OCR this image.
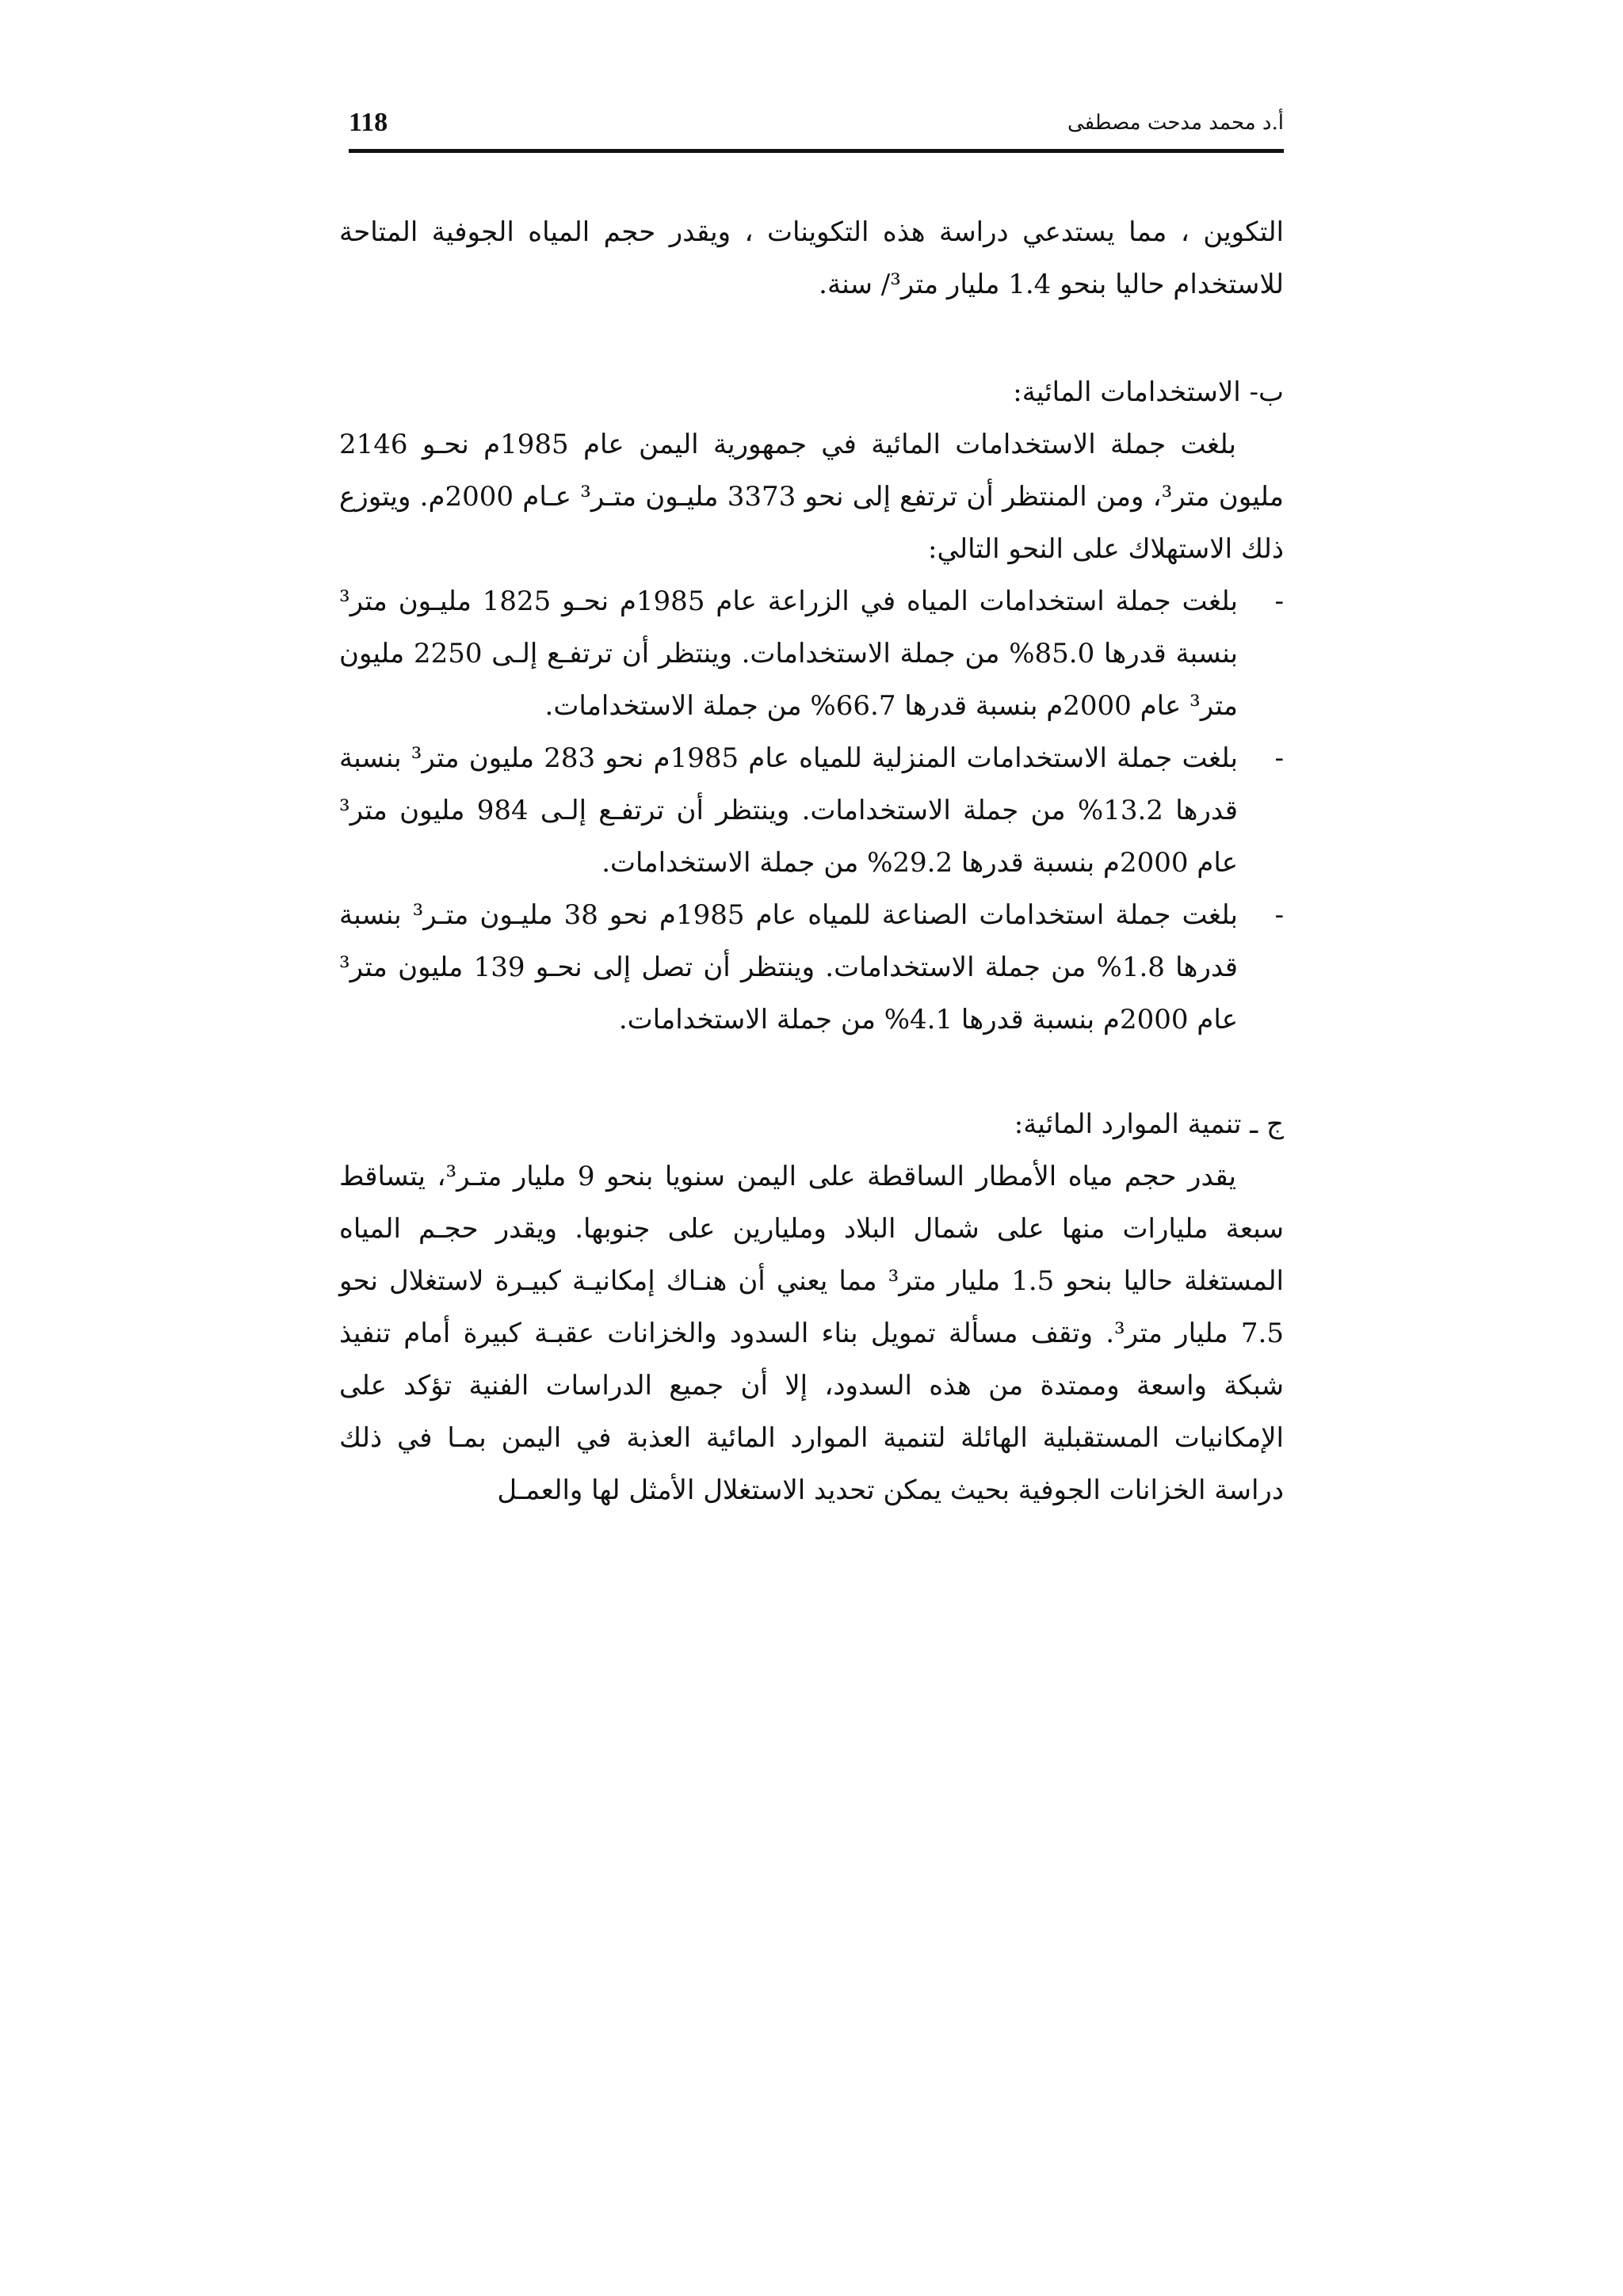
118	أ.د محمد مدحت مصطفى

التكوين ، مما يستدعي دراسة هذه التكوينات ، ويقدر حجم المياه الجوفية المتاحة للاستخدام حاليا بنحو 1.4 مليار متر³/ سنة.

ب- الاستخدامات المائية:

بلغت جملة الاستخدامات المائية في جمهورية اليمن عام 1985م نحـو 2146 مليون متر³، ومن المنتظر أن ترتفع إلى نحو 3373 مليـون متـر³ عـام 2000م. ويتوزع ذلك الاستهلاك على النحو التالي:

- بلغت جملة استخدامات المياه في الزراعة عام 1985م نحـو 1825 مليـون متر³ بنسبة قدرها 85.0% من جملة الاستخدامات. وينتظر أن ترتفـع إلـى 2250 مليون متر³ عام 2000م بنسبة قدرها 66.7% من جملة الاستخدامات.
- بلغت جملة الاستخدامات المنزلية للمياه عام 1985م نحو 283 مليون متر³ بنسبة قدرها 13.2% من جملة الاستخدامات. وينتظر أن ترتفـع إلـى 984 مليون متر³ عام 2000م بنسبة قدرها 29.2% من جملة الاستخدامات.
- بلغت جملة استخدامات الصناعة للمياه عام 1985م نحو 38 مليـون متـر³ بنسبة قدرها 1.8% من جملة الاستخدامات. وينتظر أن تصل إلى نحـو 139 مليون متر³ عام 2000م بنسبة قدرها 4.1% من جملة الاستخدامات.

ج ـ تنمية الموارد المائية:

يقدر حجم مياه الأمطار الساقطة على اليمن سنويا بنحو 9 مليار متـر³، يتساقط سبعة مليارات منها على شمال البلاد ومليارين على جنوبها. ويقدر حجـم المياه المستغلة حاليا بنحو 1.5 مليار متر³ مما يعني أن هنـاك إمكانيـة كبيـرة لاستغلال نحو 7.5 مليار متر³. وتقف مسألة تمويل بناء السدود والخزانات عقبـة كبيرة أمام تنفيذ شبكة واسعة وممتدة من هذه السدود، إلا أن جميع الدراسات الفنية تؤكد على الإمكانيات المستقبلية الهائلة لتنمية الموارد المائية العذبة في اليمن بمـا في ذلك دراسة الخزانات الجوفية بحيث يمكن تحديد الاستغلال الأمثل لها والعمـل
